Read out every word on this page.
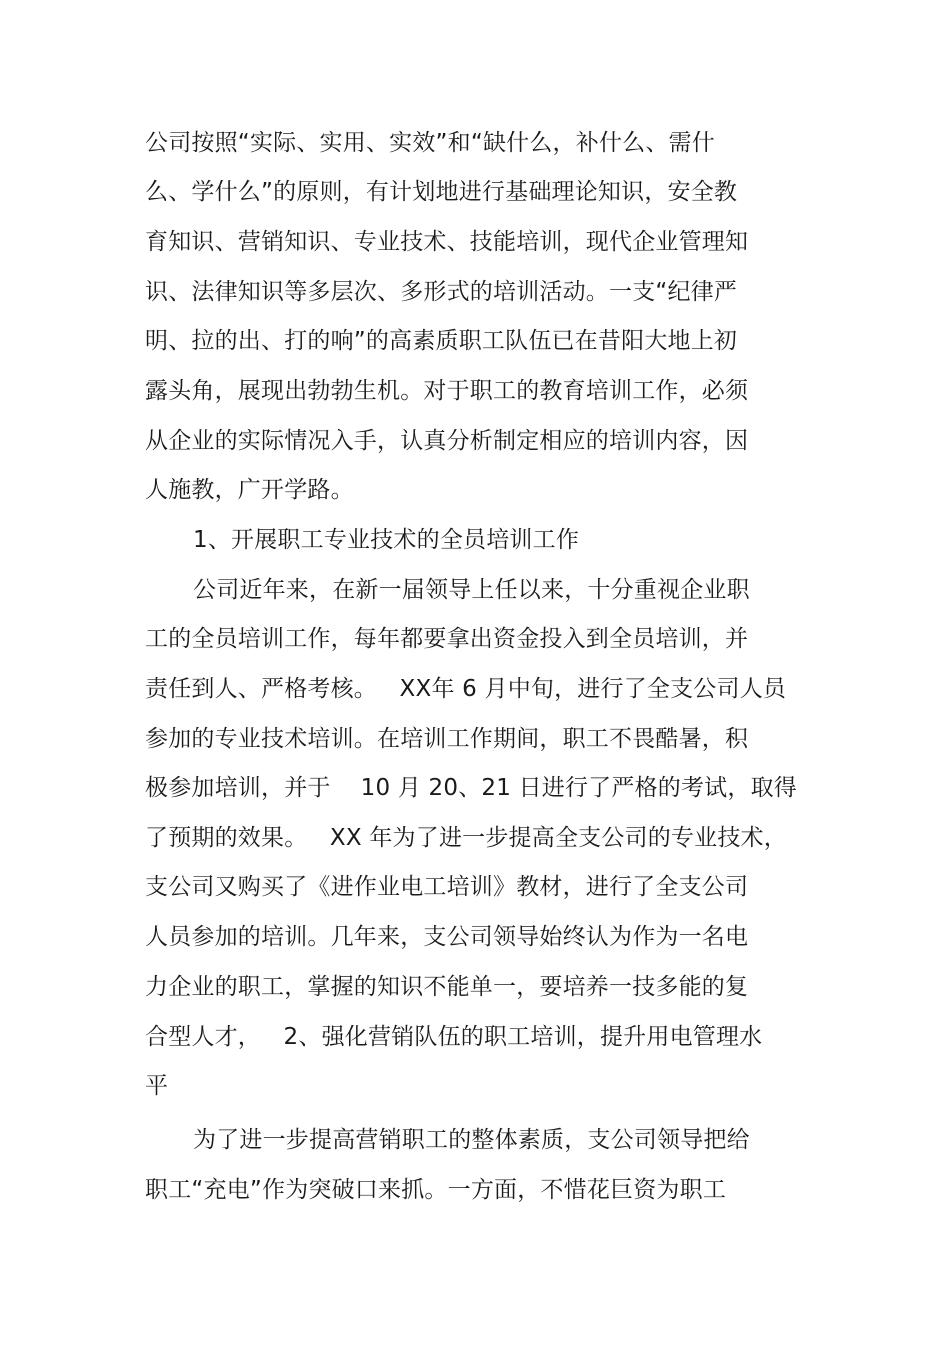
公司按照“实际、实用、实效”和“缺什么，补什么、需什
么、学什么”的原则，有计划地进行基础理论知识，安全教
育知识、营销知识、专业技术、技能培训，现代企业管理知
识、法律知识等多层次、多形式的培训活动。一支“纪律严
明、拉的出、打的响”的高素质职工队伍已在昔阳大地上初
露头角，展现出勃勃生机。对于职工的教育培训工作，必须
从企业的实际情况入手，认真分析制定相应的培训内容，因
人施教，广开学路。
1、开展职工专业技术的全员培训工作
公司近年来，在新一届领导上任以来，十分重视企业职
工的全员培训工作，每年都要拿出资金投入到全员培训，并
责任到人、严格考核。   XX年 6 月中旬，进行了全支公司人员
参加的专业技术培训。在培训工作期间，职工不畏酷暑，积
极参加培训，并于    10 月 20、21 日进行了严格的考试，取得
了预期的效果。   XX 年为了进一步提高全支公司的专业技术，
支公司又购买了《进作业电工培训》教材，进行了全支公司
人员参加的培训。几年来，支公司领导始终认为作为一名电
力企业的职工，掌握的知识不能单一，要培养一技多能的复
合型人才，   2、强化营销队伍的职工培训，提升用电管理水
平
为了进一步提高营销职工的整体素质，支公司领导把给
职工“充电”作为突破口来抓。一方面，不惜花巨资为职工
